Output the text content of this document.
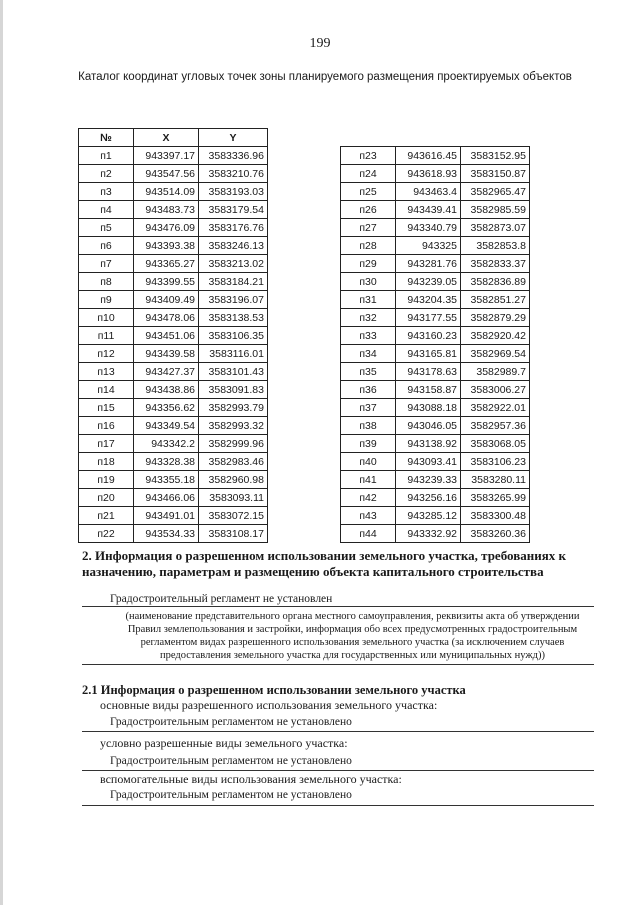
199
Каталог координат угловых точек зоны планируемого размещения проектируемых объектов
№	X	Y
п1	943397.17	3583336.96
п2	943547.56	3583210.76
п3	943514.09	3583193.03
п4	943483.73	3583179.54
п5	943476.09	3583176.76
п6	943393.38	3583246.13
п7	943365.27	3583213.02
п8	943399.55	3583184.21
п9	943409.49	3583196.07
п10	943478.06	3583138.53
п11	943451.06	3583106.35
п12	943439.58	3583116.01
п13	943427.37	3583101.43
п14	943438.86	3583091.83
п15	943356.62	3582993.79
п16	943349.54	3582993.32
п17	943342.2	3582999.96
п18	943328.38	3582983.46
п19	943355.18	3582960.98
п20	943466.06	3583093.11
п21	943491.01	3583072.15
п22	943534.33	3583108.17
п23	943616.45	3583152.95
п24	943618.93	3583150.87
п25	943463.4	3582965.47
п26	943439.41	3582985.59
п27	943340.79	3582873.07
п28	943325	3582853.8
п29	943281.76	3582833.37
п30	943239.05	3582836.89
п31	943204.35	3582851.27
п32	943177.55	3582879.29
п33	943160.23	3582920.42
п34	943165.81	3582969.54
п35	943178.63	3582989.7
п36	943158.87	3583006.27
п37	943088.18	3582922.01
п38	943046.05	3582957.36
п39	943138.92	3583068.05
п40	943093.41	3583106.23
п41	943239.33	3583280.11
п42	943256.16	3583265.99
п43	943285.12	3583300.48
п44	943332.92	3583260.36
2. Информация о разрешенном использовании земельного участка, требованиях к назначению, параметрам и размещению объекта капитального строительства
Градостроительный регламент не установлен
(наименование представительного органа местного самоуправления, реквизиты акта об утверждении Правил землепользования и застройки, информация обо всех предусмотренных градостроительным регламентом видах разрешенного использования земельного участка (за исключением случаев предоставления земельного участка для государственных или муниципальных нужд))
2.1 Информация о разрешенном использовании земельного участка
основные виды разрешенного использования земельного участка:
Градостроительным регламентом не установлено
условно разрешенные виды земельного участка:
Градостроительным регламентом не установлено
вспомогательные виды использования земельного участка:
Градостроительным регламентом не установлено
